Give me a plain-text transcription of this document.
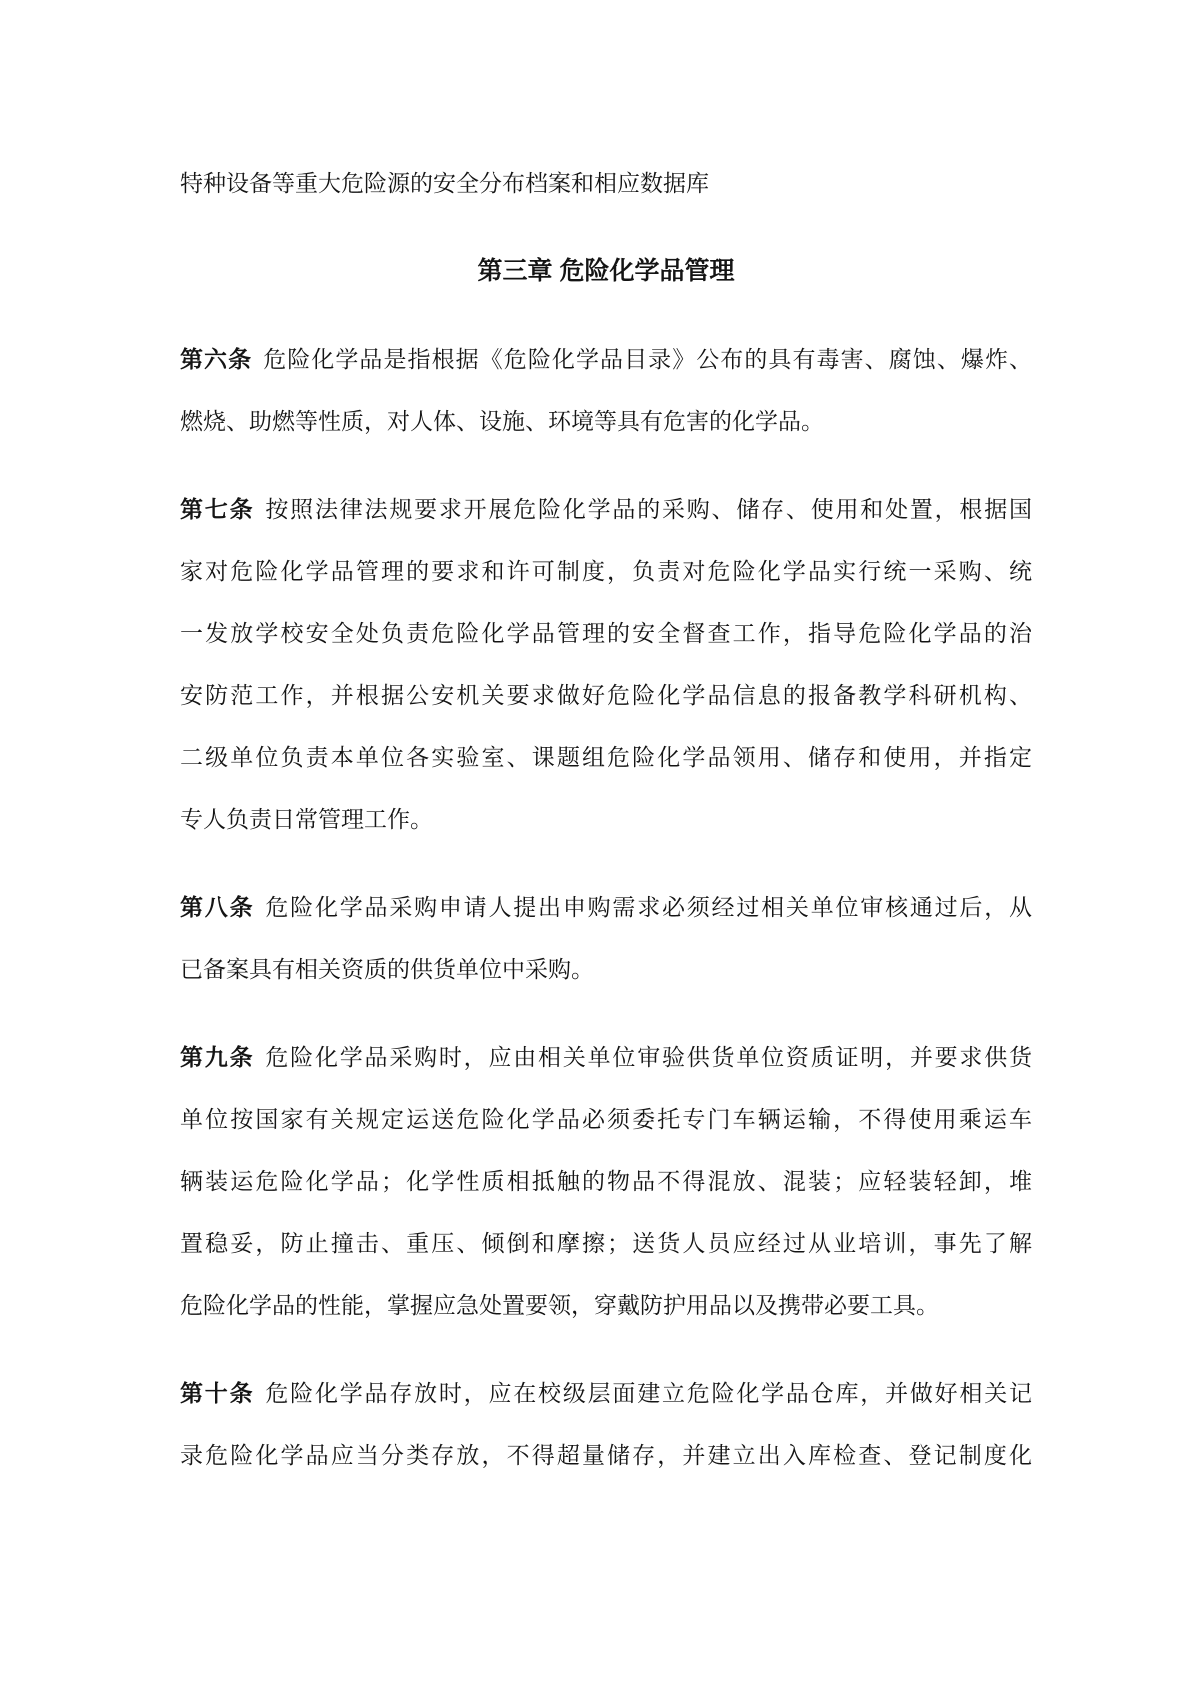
特种设备等重大危险源的安全分布档案和相应数据库
第三章 危险化学品管理
第六条 危险化学品是指根据《危险化学品目录》公布的具有毒害、腐蚀、爆炸、
燃烧、助燃等性质，对人体、设施、环境等具有危害的化学品。
第七条 按照法律法规要求开展危险化学品的采购、储存、使用和处置，根据国
家对危险化学品管理的要求和许可制度，负责对危险化学品实行统一采购、统
一发放学校安全处负责危险化学品管理的安全督查工作，指导危险化学品的治
安防范工作，并根据公安机关要求做好危险化学品信息的报备教学科研机构、
二级单位负责本单位各实验室、课题组危险化学品领用、储存和使用，并指定
专人负责日常管理工作。
第八条 危险化学品采购申请人提出申购需求必须经过相关单位审核通过后，从
已备案具有相关资质的供货单位中采购。
第九条 危险化学品采购时，应由相关单位审验供货单位资质证明，并要求供货
单位按国家有关规定运送危险化学品必须委托专门车辆运输，不得使用乘运车
辆装运危险化学品；化学性质相抵触的物品不得混放、混装；应轻装轻卸，堆
置稳妥，防止撞击、重压、倾倒和摩擦；送货人员应经过从业培训，事先了解
危险化学品的性能，掌握应急处置要领，穿戴防护用品以及携带必要工具。
第十条 危险化学品存放时，应在校级层面建立危险化学品仓库，并做好相关记
录危险化学品应当分类存放，不得超量储存，并建立出入库检查、登记制度化
